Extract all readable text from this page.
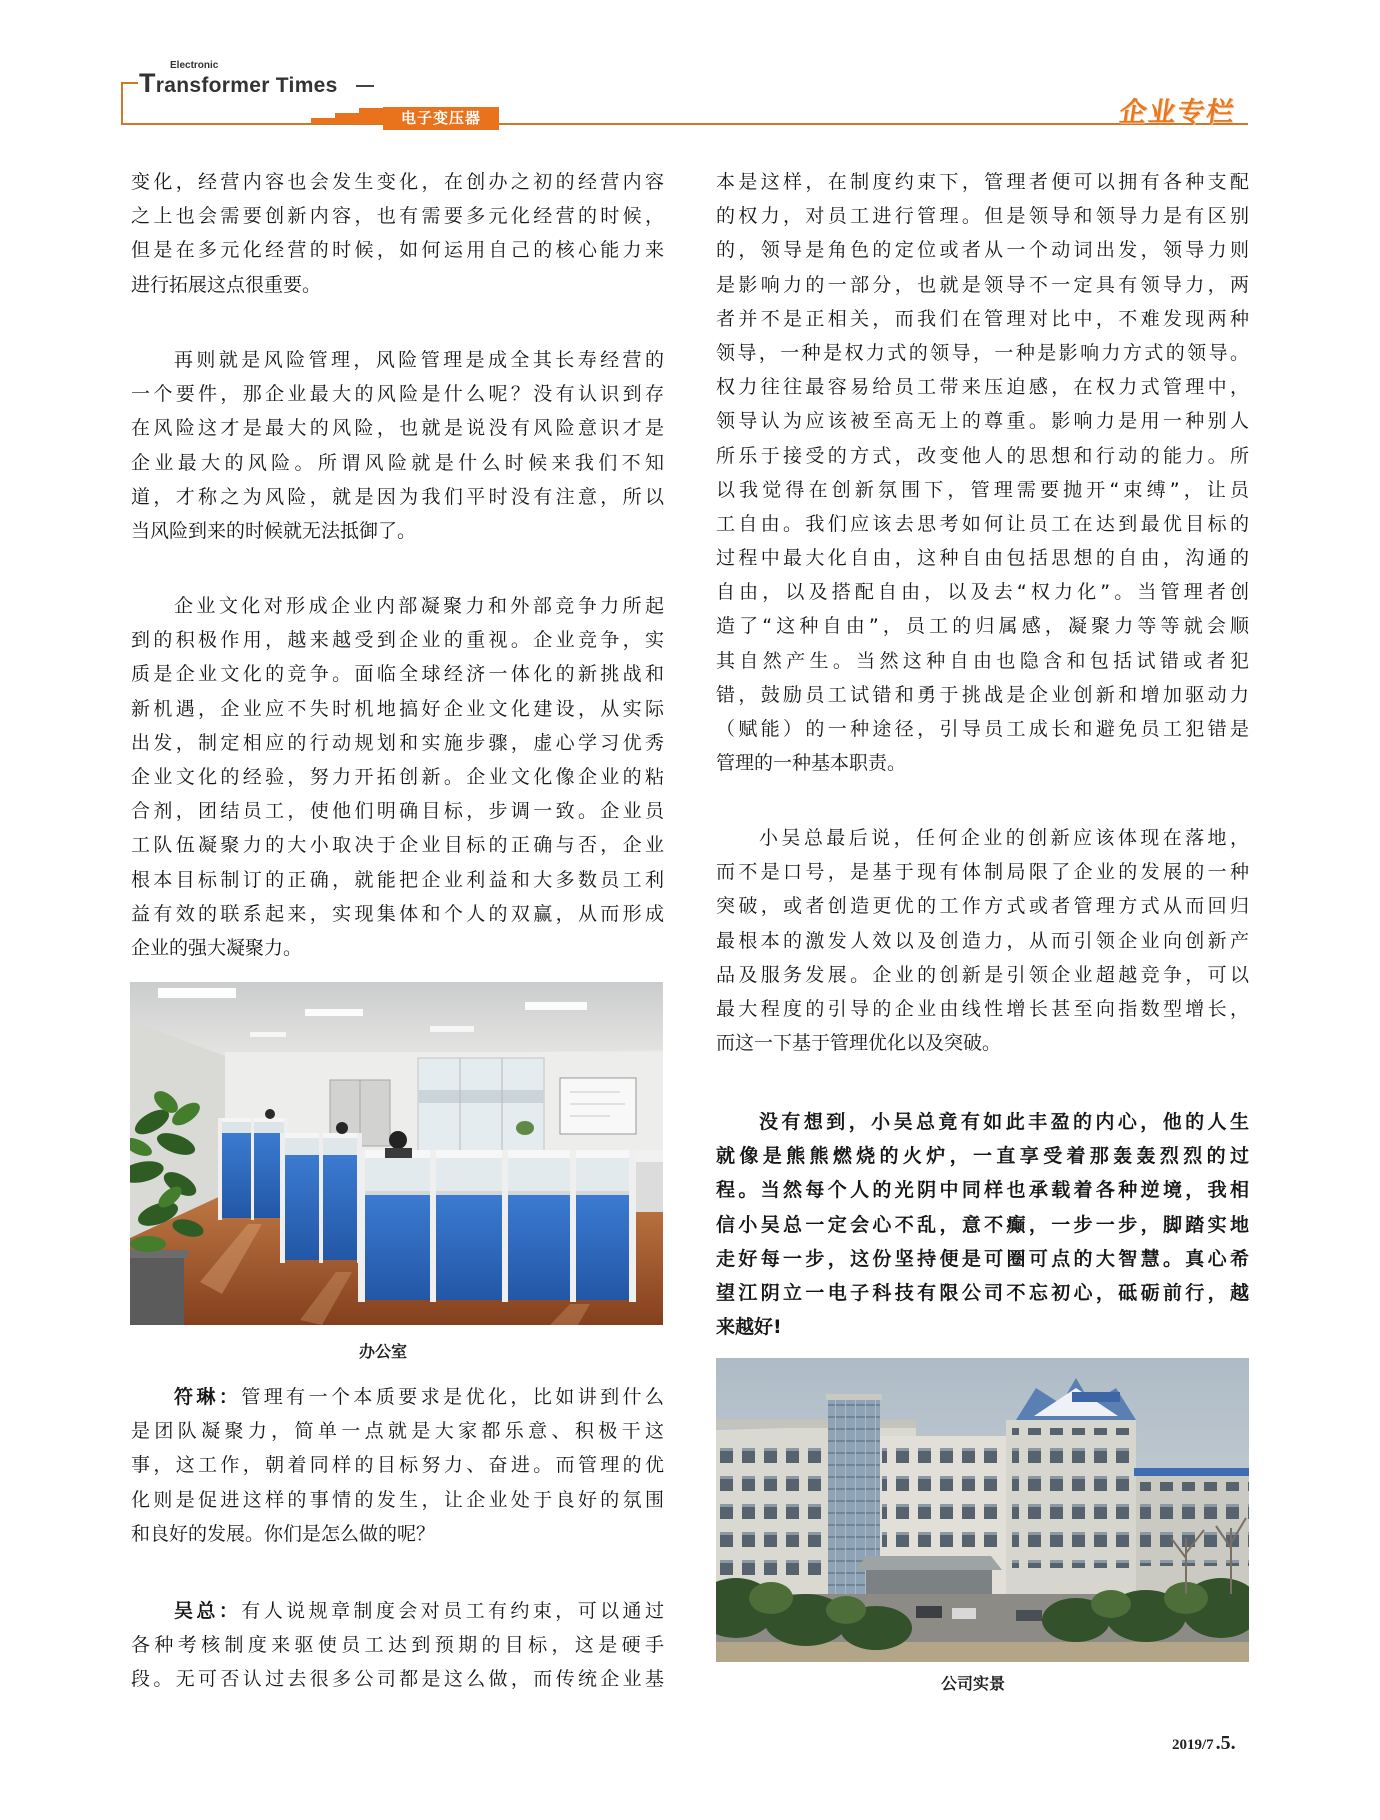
Electronic
Transformer Times
电子变压器	企业专栏
变化，经营内容也会发生变化，在创办之初的经营内容
之上也会需要创新内容，也有需要多元化经营的时候，
但是在多元化经营的时候，如何运用自己的核心能力来
进行拓展这点很重要。
再则就是风险管理，风险管理是成全其长寿经营的
一个要件，那企业最大的风险是什么呢？没有认识到存
在风险这才是最大的风险，也就是说没有风险意识才是
企业最大的风险。所谓风险就是什么时候来我们不知
道，才称之为风险，就是因为我们平时没有注意，所以
当风险到来的时候就无法抵御了。
企业文化对形成企业内部凝聚力和外部竞争力所起
到的积极作用，越来越受到企业的重视。企业竞争，实
质是企业文化的竞争。面临全球经济一体化的新挑战和
新机遇，企业应不失时机地搞好企业文化建设，从实际
出发，制定相应的行动规划和实施步骤，虚心学习优秀
企业文化的经验，努力开拓创新。企业文化像企业的粘
合剂，团结员工，使他们明确目标，步调一致。企业员
工队伍凝聚力的大小取决于企业目标的正确与否，企业
根本目标制订的正确，就能把企业利益和大多数员工利
益有效的联系起来，实现集体和个人的双赢，从而形成
企业的强大凝聚力。
办公室
符琳：管理有一个本质要求是优化，比如讲到什么
是团队凝聚力，简单一点就是大家都乐意、积极干这
事，这工作，朝着同样的目标努力、奋进。而管理的优
化则是促进这样的事情的发生，让企业处于良好的氛围
和良好的发展。你们是怎么做的呢？
吴总：有人说规章制度会对员工有约束，可以通过
各种考核制度来驱使员工达到预期的目标，这是硬手
段。无可否认过去很多公司都是这么做，而传统企业基
本是这样，在制度约束下，管理者便可以拥有各种支配
的权力，对员工进行管理。但是领导和领导力是有区别
的，领导是角色的定位或者从一个动词出发，领导力则
是影响力的一部分，也就是领导不一定具有领导力，两
者并不是正相关，而我们在管理对比中，不难发现两种
领导，一种是权力式的领导，一种是影响力方式的领导。
权力往往最容易给员工带来压迫感，在权力式管理中，
领导认为应该被至高无上的尊重。影响力是用一种别人
所乐于接受的方式，改变他人的思想和行动的能力。所
以我觉得在创新氛围下，管理需要抛开“束缚”，让员
工自由。我们应该去思考如何让员工在达到最优目标的
过程中最大化自由，这种自由包括思想的自由，沟通的
自由，以及搭配自由，以及去“权力化”。当管理者创
造了“这种自由”，员工的归属感，凝聚力等等就会顺
其自然产生。当然这种自由也隐含和包括试错或者犯
错，鼓励员工试错和勇于挑战是企业创新和增加驱动力
（赋能）的一种途径，引导员工成长和避免员工犯错是
管理的一种基本职责。
小吴总最后说，任何企业的创新应该体现在落地，
而不是口号，是基于现有体制局限了企业的发展的一种
突破，或者创造更优的工作方式或者管理方式从而回归
最根本的激发人效以及创造力，从而引领企业向创新产
品及服务发展。企业的创新是引领企业超越竞争，可以
最大程度的引导的企业由线性增长甚至向指数型增长，
而这一下基于管理优化以及突破。
没有想到，小吴总竟有如此丰盈的内心，他的人生
就像是熊熊燃烧的火炉，一直享受着那轰轰烈烈的过
程。当然每个人的光阴中同样也承载着各种逆境，我相
信小吴总一定会心不乱，意不癫，一步一步，脚踏实地
走好每一步，这份坚持便是可圈可点的大智慧。真心希
望江阴立一电子科技有限公司不忘初心，砥砺前行，越
来越好!
公司实景
2019/7 .5.
